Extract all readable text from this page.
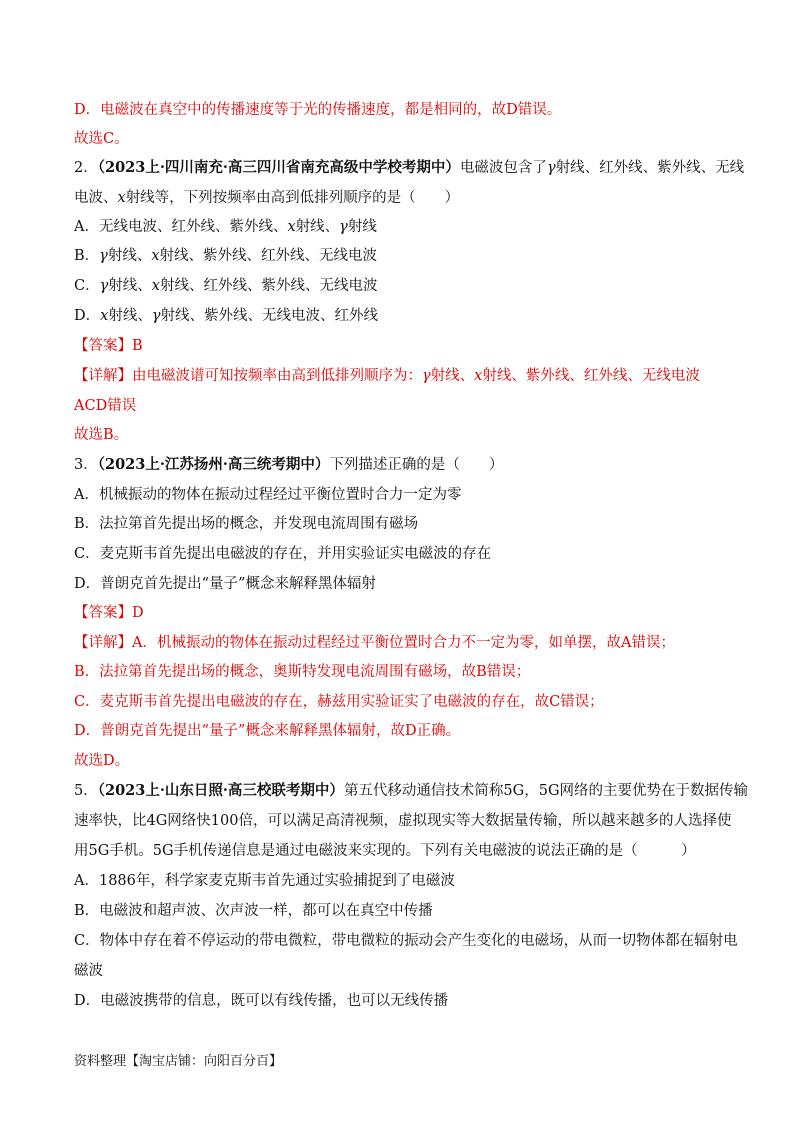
D．电磁波在真空中的传播速度等于光的传播速度，都是相同的，故D错误。
故选C。
2．（2023上·四川南充·高三四川省南充高级中学校考期中）电磁波包含了γ射线、红外线、紫外线、无线
电波、x射线等，下列按频率由高到低排列顺序的是（　　）
A．无线电波、红外线、紫外线、x射线、γ射线
B．γ射线、x射线、紫外线、红外线、无线电波
C．γ射线、x射线、红外线、紫外线、无线电波
D．x射线、γ射线、紫外线、无线电波、红外线
【答案】B
【详解】由电磁波谱可知按频率由高到低排列顺序为：γ射线、x射线、紫外线、红外线、无线电波
ACD错误
故选B。
3．（2023上·江苏扬州·高三统考期中）下列描述正确的是（　　）
A．机械振动的物体在振动过程经过平衡位置时合力一定为零
B．法拉第首先提出场的概念，并发现电流周围有磁场
C．麦克斯韦首先提出电磁波的存在，并用实验证实电磁波的存在
D．普朗克首先提出“量子”概念来解释黑体辐射
【答案】D
【详解】A．机械振动的物体在振动过程经过平衡位置时合力不一定为零，如单摆，故A错误；
B．法拉第首先提出场的概念，奥斯特发现电流周围有磁场，故B错误；
C．麦克斯韦首先提出电磁波的存在，赫兹用实验证实了电磁波的存在，故C错误；
D．普朗克首先提出“量子”概念来解释黑体辐射，故D正确。
故选D。
5．（2023上·山东日照·高三校联考期中）第五代移动通信技术简称5G，5G网络的主要优势在于数据传输
速率快，比4G网络快100倍，可以满足高清视频，虚拟现实等大数据量传输，所以越来越多的人选择使
用5G手机。5G手机传递信息是通过电磁波来实现的。下列有关电磁波的说法正确的是（　　　）
A．1886年，科学家麦克斯韦首先通过实验捕捉到了电磁波
B．电磁波和超声波、次声波一样，都可以在真空中传播
C．物体中存在着不停运动的带电微粒，带电微粒的振动会产生变化的电磁场，从而一切物体都在辐射电
磁波
D．电磁波携带的信息，既可以有线传播，也可以无线传播
资料整理【淘宝店铺：向阳百分百】
